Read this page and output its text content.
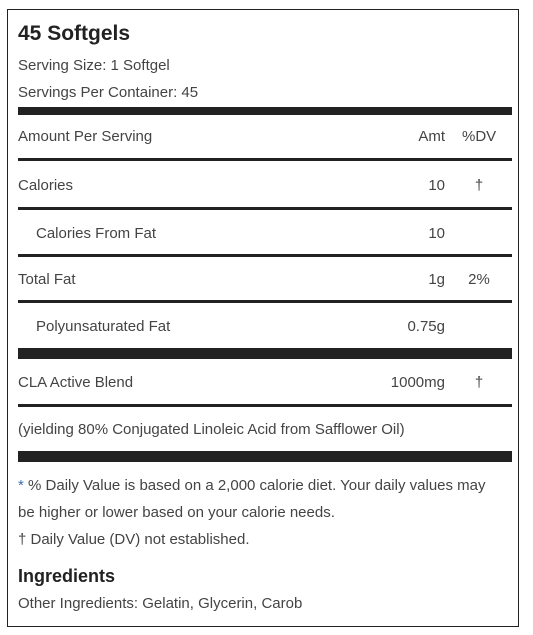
45 Softgels
Serving Size: 1 Softgel
Servings Per Container: 45
Amount Per Serving	Amt %DV
Calories	10	†
Calories From Fat	10
Total Fat	1g	2%
Polyunsaturated Fat	0.75g
CLA Active Blend	1000mg	†
(yielding 80% Conjugated Linoleic Acid from Safflower Oil)
* % Daily Value is based on a 2,000 calorie diet. Your daily values may
be higher or lower based on your calorie needs.
† Daily Value (DV) not established.
Ingredients
Other Ingredients: Gelatin, Glycerin, Carob
